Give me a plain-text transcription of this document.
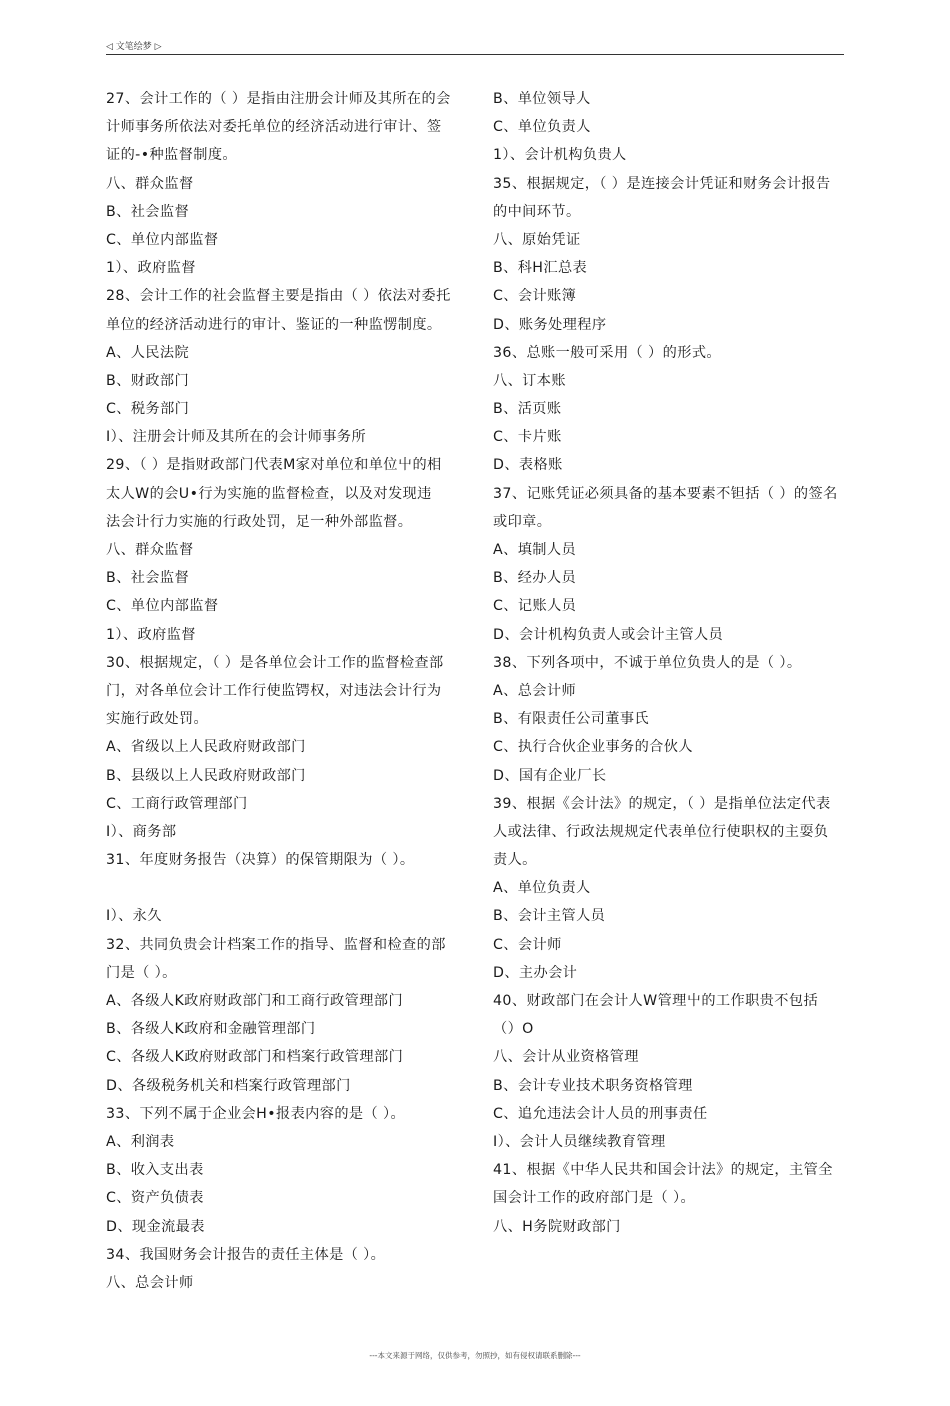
◁ 文笔绘梦 ▷
27、会计工作的（ ）是指由注册会计师及其所在的会
计师事务所依法对委托单位的经济活动进行审计、签
证的-•种监督制度。
八、群众监督
B、社会监督
C、单位内部监督
1）、政府监督
28、会计工作的社会监督主要是指由（ ）依法对委托
单位的经济活动进行的审计、鉴证的一种监愣制度。
A、人民法院
B、财政部门
C、税务部门
I）、注册会计师及其所在的会计师事务所
29、（ ）是指财政部门代表M家对单位和单位屮的相
太人W的会U•行为实施的监督检查，以及对发现违
法会计行力实施的行政处罚，足一种外部监督。
八、群众监督
B、社会监督
C、单位内部监督
1）、政府监督
30、根据规定，（ ）是各单位会计工作的监督检查部
门，对各单位会计工作行使监锷权，对违法会计行为
实施行政处罚。
A、省级以上人民政府财政部门
B、县级以上人民政府财政部门
C、工商行政管理部门
I）、商务部
31、年度财务报告（决算）的保管期限为（ ）。
I）、永久
32、共同负贵会计档案工作的指导、监督和检查的部
门是（ ）。
A、各级人K政府财政部门和工商行政管理部门
B、各级人K政府和金融管理部门
C、各级人K政府财政部门和档案行政管理部门
D、各级税务机关和档案行政管理部门
33、下列不属于企业会H•报表内容的是（ ）。
A、利润表
B、收入支出表
C、资产负债表
D、现金流最表
34、我国财务会计报告的责任主体是（ ）。
八、总会计师
B、单位领导人
C、单位负责人
1）、会计机构负贵人
35、根据规定，（ ）是连接会计凭证和财务会计报告
的中间环节。
八、原始凭证
B、科H汇总表
C、会计账簿
D、账务处理程序
36、总账一般可采用（ ）的形式。
八、订本账
B、活页账
C、卡片账
D、表格账
37、记账凭证必须具备的基本要素不钽括（ ）的签名
或印章。
A、填制人员
B、经办人员
C、记账人员
D、会计机构负责人或会计主管人员
38、下列各项中，不诚于单位负贵人的是（ ）。
A、总会计师
B、有限责任公司董事氏
C、执行合伙企业事务的合伙人
D、国有企业厂长
39、根据《会计法》的规定，（ ）是指单位法定代表
人或法律、行政法规规定代表单位行使职权的主耍负
责人。
A、单位负责人
B、会计主管人员
C、会计师
D、主办会计
40、财政部门在会计人W管理屮的工作职贵不包括
（）O
八、会计从业资格管理
B、会计专业技术职务资格管理
C、追允违法会计人员的刑事责任
I）、会计人员继续教育管理
41、根据《中华人民共和国会计法》的规定，主管全
国会计工作的政府部门是（ ）。
八、H务院财政部门
---本文来源于网络，仅供参考，勿照抄，如有侵权请联系删除---
